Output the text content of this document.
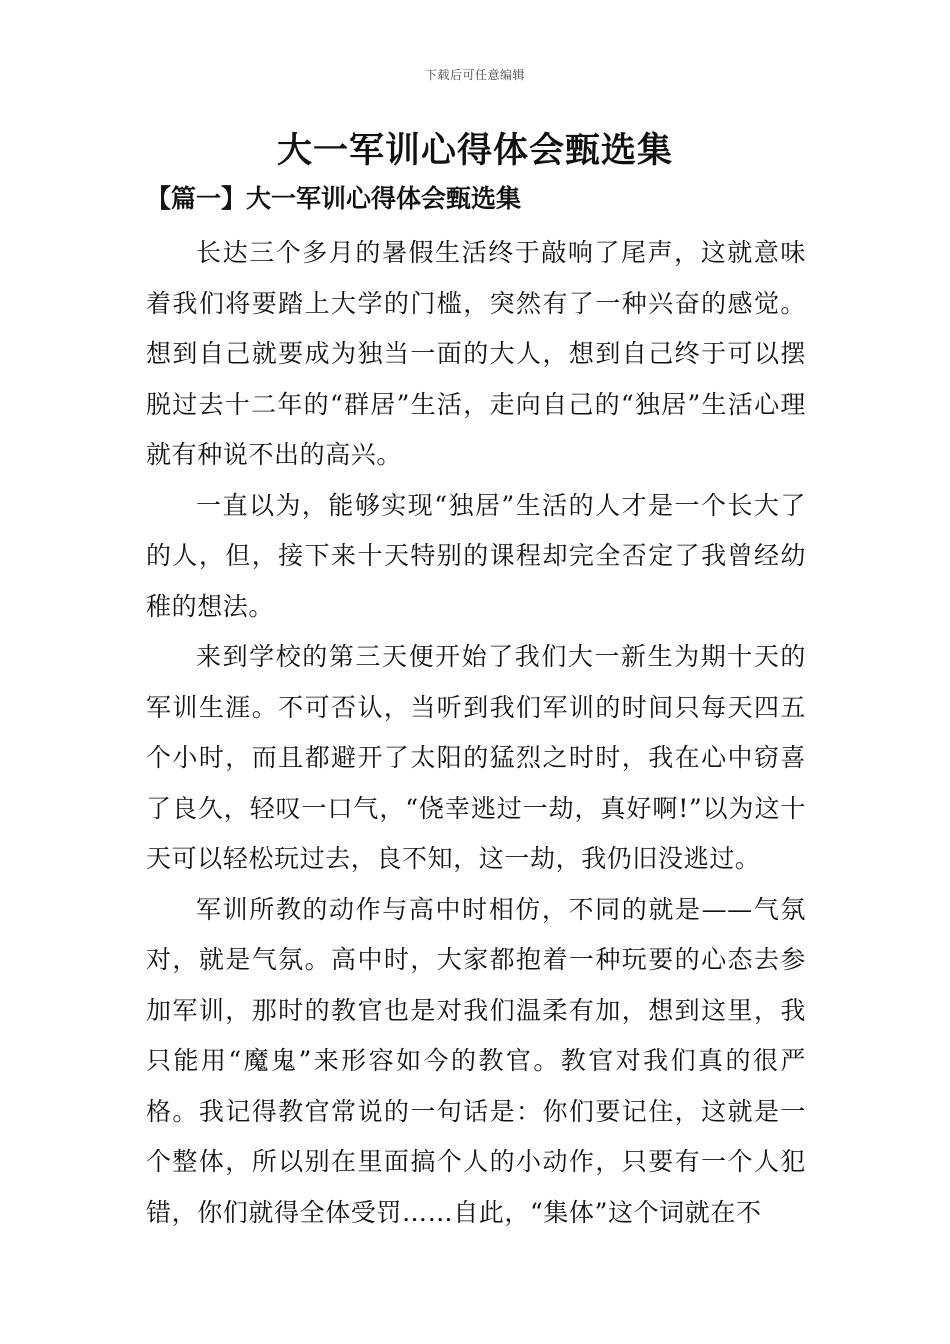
下载后可任意编辑
大一军训心得体会甄选集
【篇一】大一军训心得体会甄选集

长达三个多月的暑假生活终于敲响了尾声，这就意味着我们将要踏上大学的门槛，突然有了一种兴奋的感觉。想到自己就要成为独当一面的大人，想到自己终于可以摆脱过去十二年的“群居”生活，走向自己的“独居”生活心理就有种说不出的高兴。

一直以为，能够实现“独居”生活的人才是一个长大了的人，但，接下来十天特别的课程却完全否定了我曾经幼稚的想法。

来到学校的第三天便开始了我们大一新生为期十天的军训生涯。不可否认，当听到我们军训的时间只每天四五个小时，而且都避开了太阳的猛烈之时时，我在心中窃喜了良久，轻叹一口气，“侥幸逃过一劫，真好啊!”以为这十天可以轻松玩过去，良不知，这一劫，我仍旧没逃过。

军训所教的动作与高中时相仿，不同的就是——气氛对，就是气氛。高中时，大家都抱着一种玩要的心态去参加军训，那时的教官也是对我们温柔有加，想到这里，我只能用“魔鬼”来形容如今的教官。教官对我们真的很严格。我记得教官常说的一句话是：你们要记住，这就是一个整体，所以别在里面搞个人的小动作，只要有一个人犯错，你们就得全体受罚……自此，“集体”这个词就在不
